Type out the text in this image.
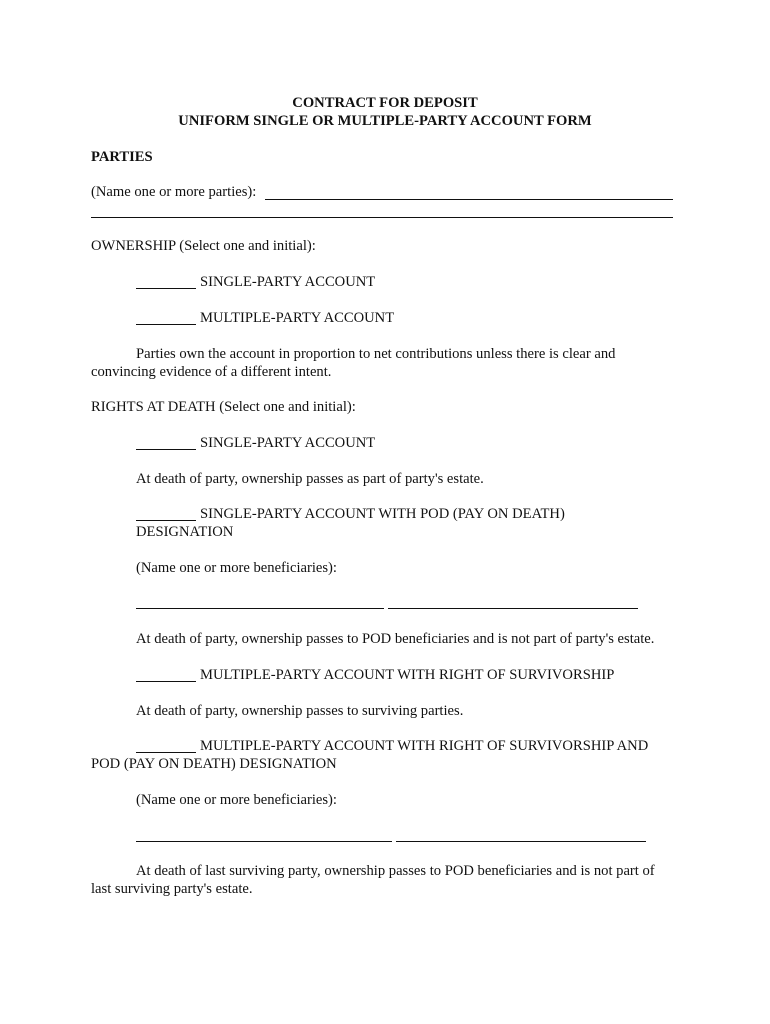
CONTRACT FOR DEPOSIT
UNIFORM SINGLE OR MULTIPLE-PARTY ACCOUNT FORM
PARTIES
(Name one or more parties):
OWNERSHIP (Select one and initial):
SINGLE-PARTY ACCOUNT
MULTIPLE-PARTY ACCOUNT
Parties own the account in proportion to net contributions unless there is clear and
convincing evidence of a different intent.
RIGHTS AT DEATH (Select one and initial):
SINGLE-PARTY ACCOUNT
At death of party, ownership passes as part of party's estate.
SINGLE-PARTY ACCOUNT WITH POD (PAY ON DEATH)
DESIGNATION
(Name one or more beneficiaries):
At death of party, ownership passes to POD beneficiaries and is not part of party's estate.
MULTIPLE-PARTY ACCOUNT WITH RIGHT OF SURVIVORSHIP
At death of party, ownership passes to surviving parties.
MULTIPLE-PARTY ACCOUNT WITH RIGHT OF SURVIVORSHIP AND
POD (PAY ON DEATH) DESIGNATION
(Name one or more beneficiaries):
At death of last surviving party, ownership passes to POD beneficiaries and is not part of
last surviving party's estate.
